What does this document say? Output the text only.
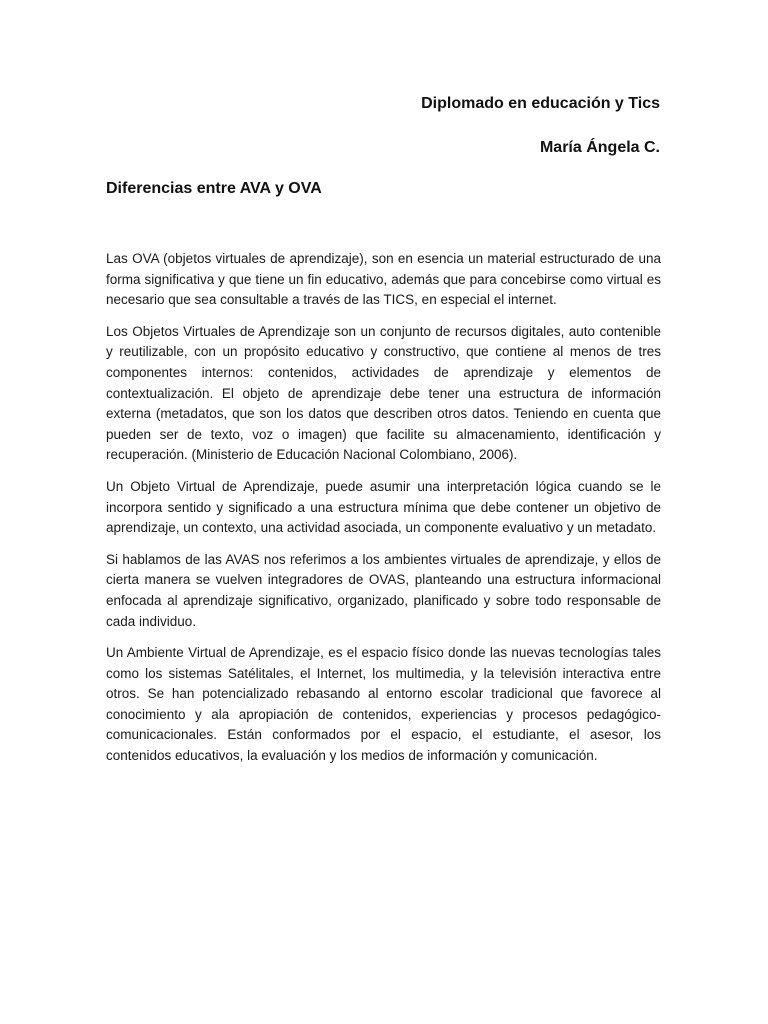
Diplomado en educación y Tics
María Ángela C.
Diferencias entre AVA y OVA

Las OVA (objetos virtuales de aprendizaje), son en esencia un material estructurado de una forma significativa y que tiene un fin educativo, además que para concebirse como virtual es necesario que sea consultable a través de las TICS, en especial el internet.

Los Objetos Virtuales de Aprendizaje son un conjunto de recursos digitales, auto contenible y reutilizable, con un propósito educativo y constructivo, que contiene al menos de tres componentes internos: contenidos, actividades de aprendizaje y elementos de contextualización. El objeto de aprendizaje debe tener una estructura de información externa (metadatos, que son los datos que describen otros datos. Teniendo en cuenta que pueden ser de texto, voz o imagen) que facilite su almacenamiento, identificación y recuperación. (Ministerio de Educación Nacional Colombiano, 2006).

Un Objeto Virtual de Aprendizaje, puede asumir una interpretación lógica cuando se le incorpora sentido y significado a una estructura mínima que debe contener un objetivo de aprendizaje, un contexto, una actividad asociada, un componente evaluativo y un metadato.

Si hablamos de las AVAS nos referimos a los ambientes virtuales de aprendizaje, y ellos de cierta manera se vuelven integradores de OVAS, planteando una estructura informacional enfocada al aprendizaje significativo, organizado, planificado y sobre todo responsable de cada individuo.

Un Ambiente Virtual de Aprendizaje, es el espacio físico donde las nuevas tecnologías tales como los sistemas Satélitales, el Internet, los multimedia, y la televisión interactiva entre otros. Se han potencializado rebasando al entorno escolar tradicional que favorece al conocimiento y ala apropiación de contenidos, experiencias y procesos pedagógico-comunicacionales. Están conformados por el espacio, el estudiante, el asesor, los contenidos educativos, la evaluación y los medios de información y comunicación.
